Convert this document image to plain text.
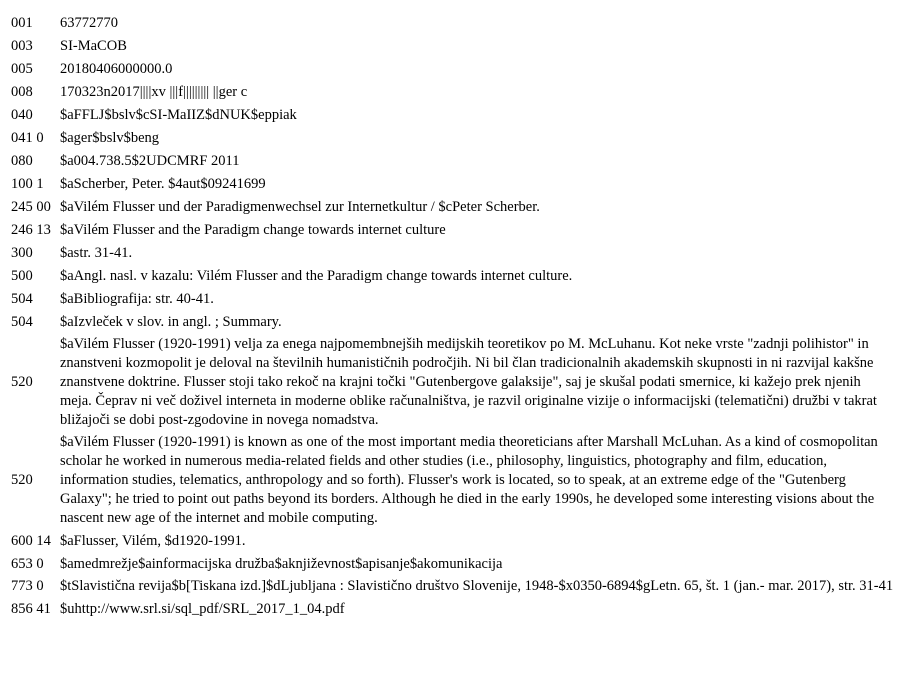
001	63772770
003	SI-MaCOB
005	20180406000000.0
008	170323n2017||||xv |||f||||||||| ||ger c
040	$aFFLJ$bslv$cSI-MaIIZ$dNUK$eppiak
041 0	$ager$bslv$beng
080	$a004.738.5$2UDCMRF 2011
100 1	$aScherber, Peter. $4aut$09241699
245 00	$aVilém Flusser und der Paradigmenwechsel zur Internetkultur / $cPeter Scherber.
246 13	$aVilém Flusser and the Paradigm change towards internet culture
300	$astr. 31-41.
500	$aAngl. nasl. v kazalu: Vilém Flusser and the Paradigm change towards internet culture.
504	$aBibliografija: str. 40-41.
504	$aIzvleček v slov. in angl. ; Summary.
520	$aVilém Flusser (1920-1991) velja za enega najpomembnejših medijskih teoretikov po M. McLuhanu. Kot neke vrste "zadnji polihistor" in znanstveni kozmopolit je deloval na številnih humanističnih področjih. Ni bil član tradicionalnih akademskih skupnosti in ni razvijal kakšne znanstvene doktrine. Flusser stoji tako rekoč na krajni točki "Gutenbergove galaksije", saj je skušal podati smernice, ki kažejo prek njenih meja. Čeprav ni več doživel interneta in moderne oblike računalništva, je razvil originalne vizije o informacijski (telematični) družbi v takrat bližajoči se dobi post-zgodovine in novega nomadstva.
520	$aVilém Flusser (1920-1991) is known as one of the most important media theoreticians after Marshall McLuhan. As a kind of cosmopolitan scholar he worked in numerous media-related fields and other studies (i.e., philosophy, linguistics, photography and film, education, information studies, telematics, anthropology and so forth). Flusser's work is located, so to speak, at an extreme edge of the "Gutenberg Galaxy"; he tried to point out paths beyond its borders. Although he died in the early 1990s, he developed some interesting visions about the nascent new age of the internet and mobile computing.
600 14	$aFlusser, Vilém, $d1920-1991.
653 0	$amedmrežje$ainformacijska družba$aknjiževnost$apisanje$akomunikacija
773 0	$tSlavistična revija$b[Tiskana izd.]$dLjubljana : Slavistično društvo Slovenije, 1948-$x0350-6894$gLetn. 65, št. 1 (jan.- mar. 2017), str. 31-41
856 41	$uhttp://www.srl.si/sql_pdf/SRL_2017_1_04.pdf
